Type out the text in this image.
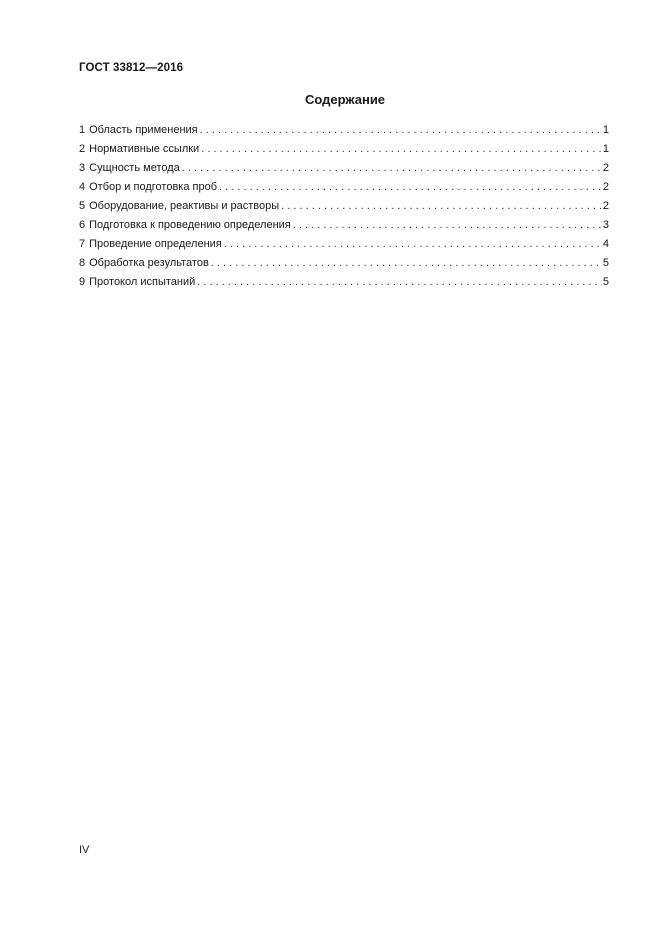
ГОСТ 33812—2016
Содержание
1 Область применения . . .	1
2 Нормативные ссылки . . .	1
3 Сущность метода . . .	2
4 Отбор и подготовка проб . . .	2
5 Оборудование, реактивы и растворы . . .	2
6 Подготовка к проведению определения . . .	3
7 Проведение определения . . .	4
8 Обработка результатов . . .	5
9 Протокол испытаний . . .	5
IV
